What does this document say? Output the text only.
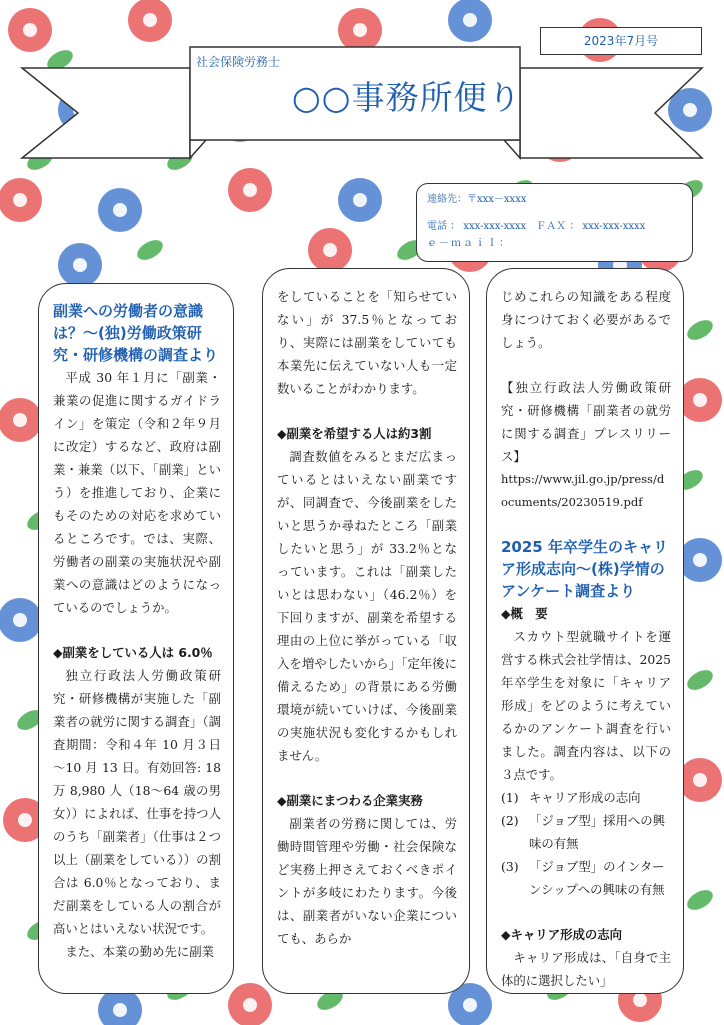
社会保険労務士
○○事務所便り
2023年7月号
連絡先：〒xxx－xxxx
電話 ： xxx-xxx-xxxx ＦＡＸ ： xxx-xxx-xxxx
ｅ－ｍａｉｌ：
副業への労働者の意識は？～(独)労働政策研究・研修機構の調査より

平成 30 年１月に「副業・兼業の促進に関するガイドライン」を策定（令和２年９月に改定）するなど、政府は副業・兼業（以下、「副業」という）を推進しており、企業にもそのための対応を求めているところです。では、実際、労働者の副業の実施状況や副業への意識はどのようになっているのでしょうか。

◆副業をしている人は 6.0％

独立行政法人労働政策研究・研修機構が実施した「副業者の就労に関する調査」（調査期間：令和４年 10 月３日～10 月 13 日。有効回答: 18 万 8,980 人（18～64 歳の男女））によれば、仕事を持つ人のうち「副業者」（仕事は２つ以上（副業をしている））の割合は 6.0％となっており、まだ副業をしている人の割合が高いとはいえない状況です。

また、本業の勤め先に副業

をしていることを「知らせていない」が 37.5％となっており、実際には副業をしていても本業先に伝えていない人も一定数いることがわかります。

◆副業を希望する人は約3割

調査数値をみるとまだ広まっているとはいえない副業ですが、同調査で、今後副業をしたいと思うか尋ねたところ「副業したいと思う」が 33.2％となっています。これは「副業したいとは思わない」（46.2％）を下回りますが、副業を希望する理由の上位に挙がっている「収入を増やしたいから」「定年後に備えるため」の背景にある労働環境が続いていけば、今後副業の実施状況も変化するかもしれません。

◆副業にまつわる企業実務

副業者の労務に関しては、労働時間管理や労働・社会保険など実務上押さえておくべきポイントが多岐にわたります。今後は、副業者がいない企業についても、あらか

じめこれらの知識をある程度身につけておく必要があるでしょう。

【独立行政法人労働政策研究・研修機構「副業者の就労に関する調査」プレスリリース】

https://www.jil.go.jp/press/documents/20230519.pdf

2025 年卒学生のキャリア形成志向～(株)学情のアンケート調査より
◆概　要

スカウト型就職サイトを運営する株式会社学情は、2025 年卒学生を対象に「キャリア形成」をどのように考えているかのアンケート調査を行いました。調査内容は、以下の３点です。

(1) キャリア形成の志向
(2) 「ジョブ型」採用への興味の有無
(3) 「ジョブ型」のインターンシップへの興味の有無
◆キャリア形成の志向

キャリア形成は、「自身で主体的に選択したい」
